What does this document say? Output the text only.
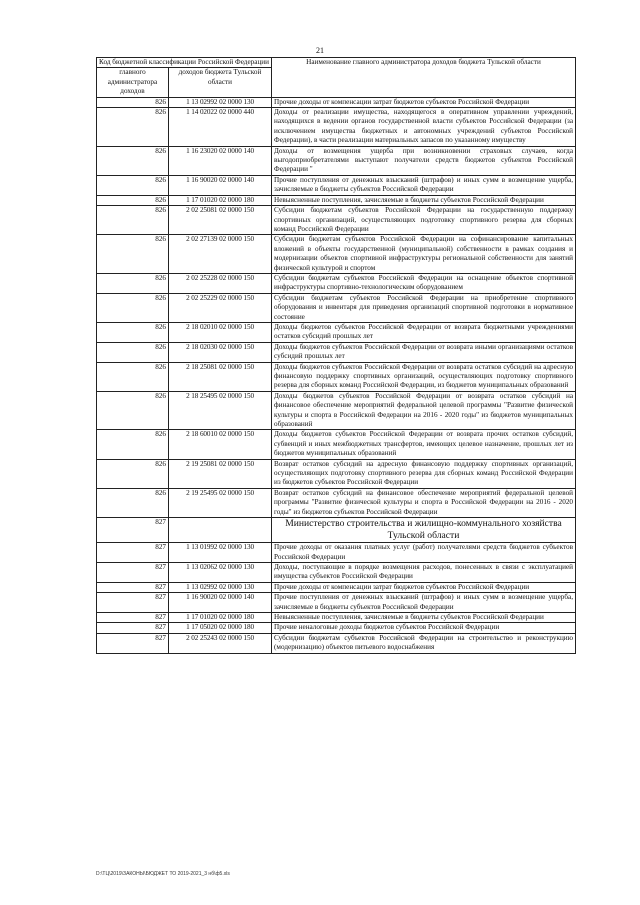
21
Код бюджетной классификации Российской Федерации		Наименование главного администратора доходов бюджета Тульской области
главного администратора доходов	доходов бюджета Тульской области	
826	1 13 02992 02 0000 130	Прочие доходы от компенсации затрат бюджетов субъектов Российской Федерации
826	1 14 02022 02 0000 440	Доходы от реализации имущества, находящегося в оперативном управлении учреждений, находящихся в ведении органов государственной власти субъектов Российской Федерации (за исключением имущества бюджетных и автономных учреждений субъектов Российской Федерации), в части реализации материальных запасов по указанному имуществу
826	1 16 23020 02 0000 140	Доходы от возмещения ущерба при возникновении страховых случаев, когда выгодоприобретателями выступают получатели средств бюджетов субъектов Российской Федерации "
826	1 16 90020 02 0000 140	Прочие поступления от денежных взысканий (штрафов) и иных сумм в возмещение ущерба, зачисляемые в бюджеты субъектов Российской Федерации
826	1 17 01020 02 0000 180	Невыясненные поступления, зачисляемые в бюджеты субъектов Российской Федерации
826	2 02 25081 02 0000 150	Субсидии бюджетам субъектов Российской Федерации на государственную поддержку спортивных организаций, осуществляющих подготовку спортивного резерва для сборных команд Российской Федерации
826	2 02 27139 02 0000 150	Субсидии бюджетам субъектов Российской Федерации на софинансирование капитальных вложений в объекты государственной (муниципальной) собственности в рамках создания и модернизации объектов спортивной инфраструктуры региональной собственности для занятий физической культурой и спортом
826	2 02 25228 02 0000 150	Субсидии бюджетам субъектов Российской Федерации на оснащение объектов спортивной инфраструктуры спортивно-технологическим оборудованием
826	2 02 25229 02 0000 150	Субсидии бюджетам субъектов Российской Федерации на приобретение спортивного оборудования и инвентаря для приведения организаций спортивной подготовки в нормативное состояние
826	2 18 02010 02 0000 150	Доходы бюджетов субъектов Российской Федерации от возврата бюджетными учреждениями остатков субсидий прошлых лет
826	2 18 02030 02 0000 150	Доходы бюджетов субъектов Российской Федерации от возврата иными организациями остатков субсидий прошлых лет
826	2 18 25081 02 0000 150	Доходы бюджетов субъектов Российской Федерации от возврата остатков субсидий на адресную финансовую поддержку спортивных организаций, осуществляющих подготовку спортивного резерва для сборных команд Российской Федерации, из бюджетов муниципальных образований
826	2 18 25495 02 0000 150	Доходы бюджетов субъектов Российской Федерации от возврата остатков субсидий на финансовое обеспечение мероприятий федеральной целевой программы "Развитие физической культуры и спорта в Российской Федерации на 2016 - 2020 годы" из бюджетов муниципальных образований
826	2 18 60010 02 0000 150	Доходы бюджетов субъектов Российской Федерации от возврата прочих остатков субсидий, субвенций и иных межбюджетных трансфертов, имеющих целевое назначение, прошлых лет из бюджетов муниципальных образований
826	2 19 25081 02 0000 150	Возврат остатков субсидий на адресную финансовую поддержку спортивных организаций, осуществляющих подготовку спортивного резерва для сборных команд Российской Федерации из бюджетов субъектов Российской Федерации
826	2 19 25495 02 0000 150	Возврат остатков субсидий на финансовое обеспечение мероприятий федеральной целевой программы "Развитие физической культуры и спорта в Российской Федерации на 2016 - 2020 годы" из бюджетов субъектов Российской Федерации
827		Министерство строительства и жилищно-коммунального хозяйства Тульской области
827	1 13 01992 02 0000 130	Прочие доходы от оказания платных услуг (работ) получателями средств бюджетов субъектов Российской Федерации
827	1 13 02062 02 0000 130	Доходы, поступающие в порядке возмещения расходов, понесенных в связи с эксплуатацией имущества субъектов Российской Федерации
827	1 13 02992 02 0000 130	Прочие доходы от компенсации затрат бюджетов субъектов Российской Федерации
827	1 16 90020 02 0000 140	Прочие поступления от денежных взысканий (штрафов) и иных сумм в возмещение ущерба, зачисляемые в бюджеты субъектов Российской Федерации
827	1 17 01020 02 0000 180	Невыясненные поступления, зачисляемые в бюджеты субъектов Российской Федерации
827	1 17 05020 02 0000 180	Прочие неналоговые доходы бюджетов субъектов Российской Федерации
827	2 02 25243 02 0000 150	Субсидии бюджетам субъектов Российской Федерации на строительство и реконструкцию (модернизацию) объектов питьевого водоснабжения
D:\ТЦ\2019\ЗАКОНЫ\БЮДЖЕТ ТО 2019-2021_3 нб\ф5.xls
